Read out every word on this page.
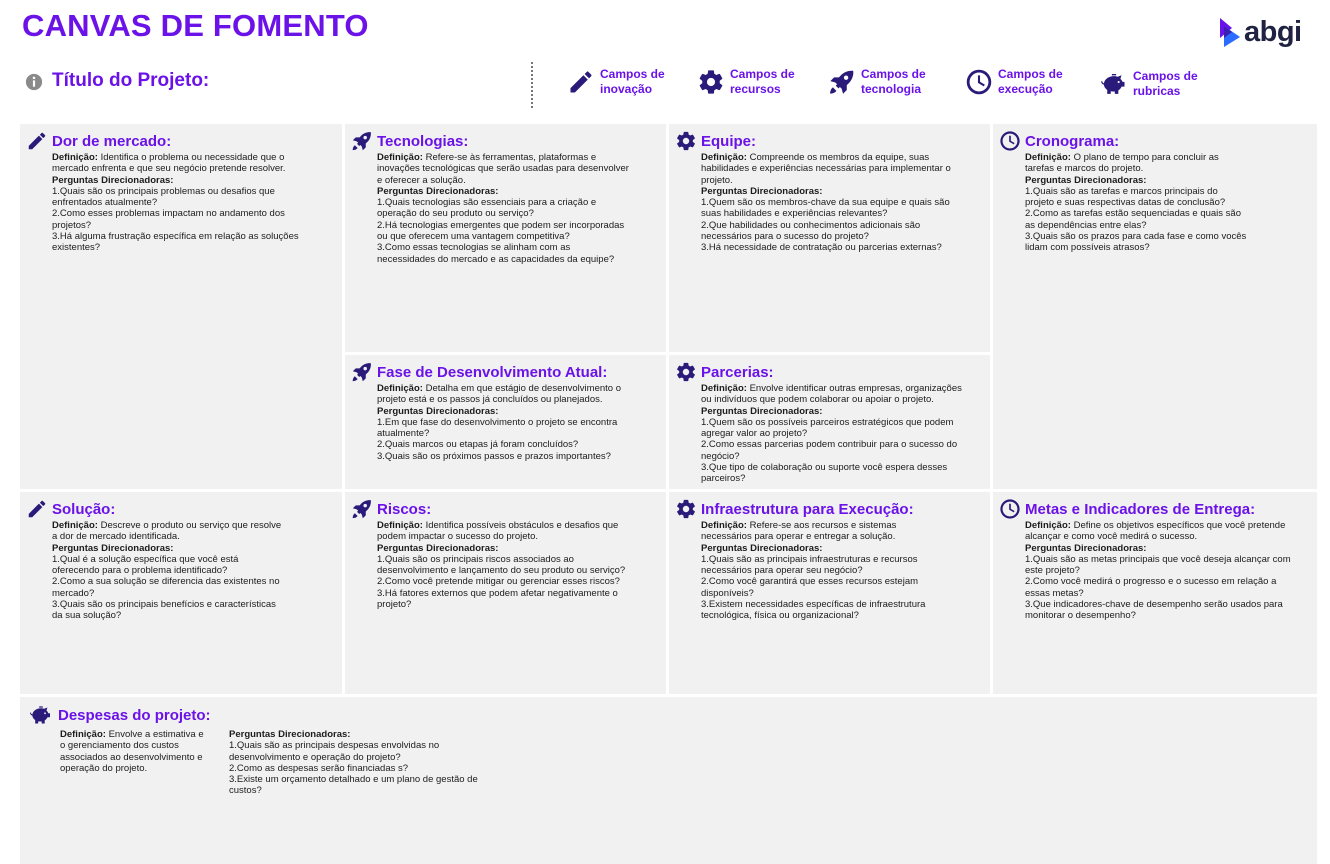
CANVAS DE FOMENTO	abgi
Título do Projeto:	Campos de
inovação
Campos de
recursos
Campos de
tecnologia
Campos de
execução
Campos de
rubricas
Dor de mercado:

Definição: Identifica o problema ou necessidade que o mercado enfrenta e que seu negócio pretende resolver.

Perguntas Direcionadoras:

1.Quais são os principais problemas ou desafios que enfrentados atualmente?

2.Como esses problemas impactam no andamento dos projetos?

3.Há alguma frustração específica em relação as soluções existentes?

Tecnologias:

Definição: Refere-se às ferramentas, plataformas e inovações tecnológicas que serão usadas para desenvolver e oferecer a solução.

Perguntas Direcionadoras:

1.Quais tecnologias são essenciais para a criação e operação do seu produto ou serviço?

2.Há tecnologias emergentes que podem ser incorporadas ou que oferecem uma vantagem competitiva?

3.Como essas tecnologias se alinham com as necessidades do mercado e as capacidades da equipe?

Equipe:

Definição: Compreende os membros da equipe, suas habilidades e experiências necessárias para implementar o projeto.

Perguntas Direcionadoras:

1.Quem são os membros-chave da sua equipe e quais são suas habilidades e experiências relevantes?

2.Que habilidades ou conhecimentos adicionais são necessários para o sucesso do projeto?

3.Há necessidade de contratação ou parcerias externas?

Cronograma:

Definição: O plano de tempo para concluir as tarefas e marcos do projeto.

Perguntas Direcionadoras:

1.Quais são as tarefas e marcos principais do projeto e suas respectivas datas de conclusão?

2.Como as tarefas estão sequenciadas e quais são as dependências entre elas?

3.Quais são os prazos para cada fase e como vocês lidam com possíveis atrasos?

Fase de Desenvolvimento Atual:

Definição: Detalha em que estágio de desenvolvimento o projeto está e os passos já concluídos ou planejados.

Perguntas Direcionadoras:

1.Em que fase do desenvolvimento o projeto se encontra atualmente?

2.Quais marcos ou etapas já foram concluídos?

3.Quais são os próximos passos e prazos importantes?

Parcerias:

Definição: Envolve identificar outras empresas, organizações ou indivíduos que podem colaborar ou apoiar o projeto.

Perguntas Direcionadoras:

1.Quem são os possíveis parceiros estratégicos que podem agregar valor ao projeto?

2.Como essas parcerias podem contribuir para o sucesso do negócio?

3.Que tipo de colaboração ou suporte você espera desses parceiros?

Solução:

Definição: Descreve o produto ou serviço que resolve a dor de mercado identificada.

Perguntas Direcionadoras:

1.Qual é a solução específica que você está oferecendo para o problema identificado?

2.Como a sua solução se diferencia das existentes no mercado?

3.Quais são os principais benefícios e características da sua solução?

Riscos:

Definição: Identifica possíveis obstáculos e desafios que podem impactar o sucesso do projeto.

Perguntas Direcionadoras:

1.Quais são os principais riscos associados ao desenvolvimento e lançamento do seu produto ou serviço?

2.Como você pretende mitigar ou gerenciar esses riscos?

3.Há fatores externos que podem afetar negativamente o projeto?

Infraestrutura para Execução:

Definição: Refere-se aos recursos e sistemas necessários para operar e entregar a solução.

Perguntas Direcionadoras:

1.Quais são as principais infraestruturas e recursos necessários para operar seu negócio?

2.Como você garantirá que esses recursos estejam disponíveis?

3.Existem necessidades específicas de infraestrutura tecnológica, física ou organizacional?

Metas e Indicadores de Entrega:

Definição: Define os objetivos específicos que você pretende alcançar e como você medirá o sucesso.

Perguntas Direcionadoras:

1.Quais são as metas principais que você deseja alcançar com este projeto?

2.Como você medirá o progresso e o sucesso em relação a essas metas?

3.Que indicadores-chave de desempenho serão usados para monitorar o desempenho?

Despesas do projeto:

Definição: Envolve a estimativa e o gerenciamento dos custos associados ao desenvolvimento e operação do projeto.

Perguntas Direcionadoras:

1.Quais são as principais despesas envolvidas no desenvolvimento e operação do projeto?

2.Como as despesas serão financiadas s?

3.Existe um orçamento detalhado e um plano de gestão de custos?
